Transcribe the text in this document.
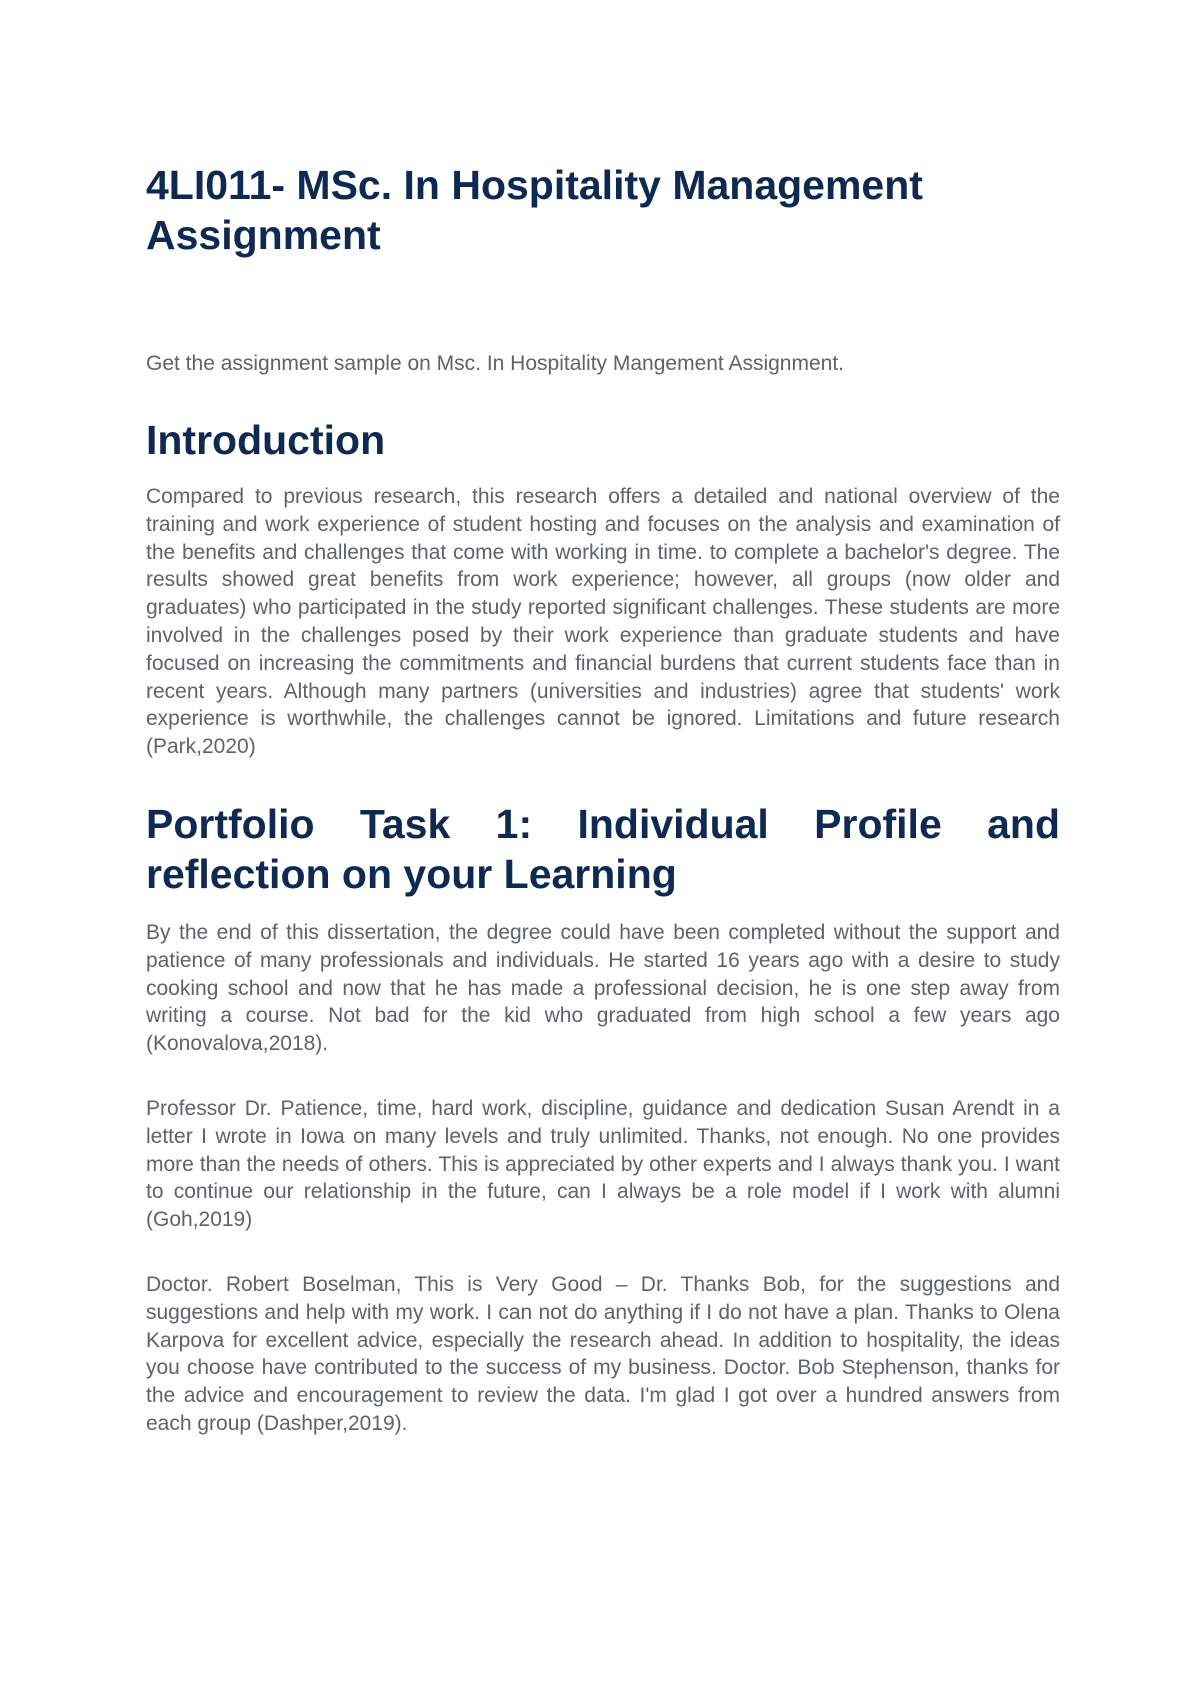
4LI011- MSc. In Hospitality Management Assignment

Get the assignment sample on Msc. In Hospitality Mangement Assignment.

Introduction

Compared to previous research, this research offers a detailed and national overview of the training and work experience of student hosting and focuses on the analysis and examination of the benefits and challenges that come with working in time. to complete a bachelor's degree. The results showed great benefits from work experience; however, all groups (now older and graduates) who participated in the study reported significant challenges. These students are more involved in the challenges posed by their work experience than graduate students and have focused on increasing the commitments and financial burdens that current students face than in recent years. Although many partners (universities and industries) agree that students' work experience is worthwhile, the challenges cannot be ignored. Limitations and future research (Park,2020)

Portfolio Task 1: Individual Profile and reflection on your Learning

By the end of this dissertation, the degree could have been completed without the support and patience of many professionals and individuals. He started 16 years ago with a desire to study cooking school and now that he has made a professional decision, he is one step away from writing a course. Not bad for the kid who graduated from high school a few years ago (Konovalova,2018).

Professor Dr. Patience, time, hard work, discipline, guidance and dedication Susan Arendt in a letter I wrote in Iowa on many levels and truly unlimited. Thanks, not enough. No one provides more than the needs of others. This is appreciated by other experts and I always thank you. I want to continue our relationship in the future, can I always be a role model if I work with alumni (Goh,2019)

Doctor. Robert Boselman, This is Very Good – Dr. Thanks Bob, for the suggestions and suggestions and help with my work. I can not do anything if I do not have a plan. Thanks to Olena Karpova for excellent advice, especially the research ahead. In addition to hospitality, the ideas you choose have contributed to the success of my business. Doctor. Bob Stephenson, thanks for the advice and encouragement to review the data. I'm glad I got over a hundred answers from each group (Dashper,2019).
